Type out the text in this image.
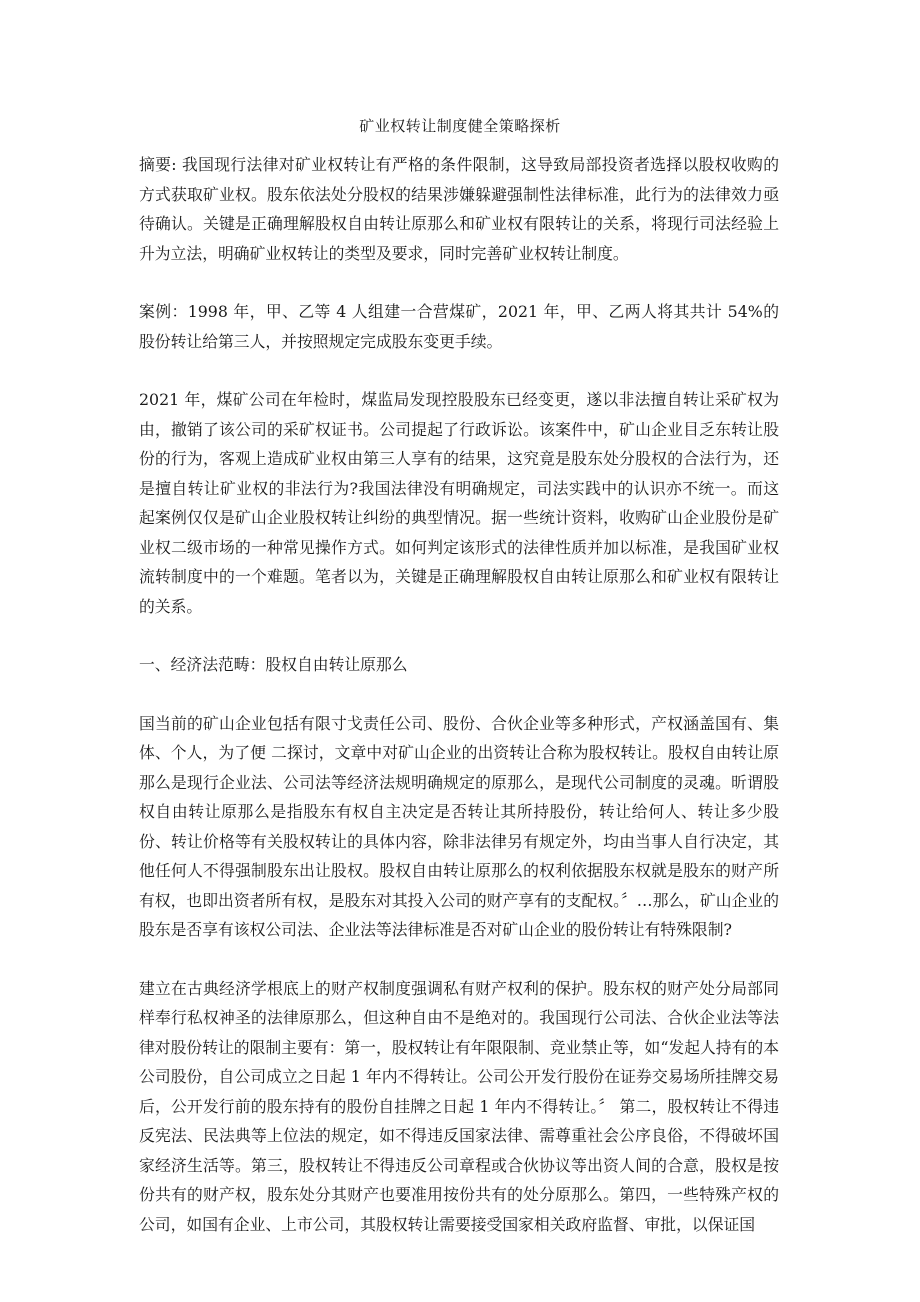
矿业权转让制度健全策略探析

摘要: 我国现行法律对矿业权转让有严格的条件限制，这导致局部投资者选择以股权收购的方式获取矿业权。股东依法处分股权的结果涉嫌躲避强制性法律标准，此行为的法律效力亟待确认。关键是正确理解股权自由转让原那么和矿业权有限转让的关系，将现行司法经验上升为立法，明确矿业权转让的类型及要求，同时完善矿业权转让制度。

案例：1998 年，甲、乙等 4 人组建一合营煤矿，2021 年，甲、乙两人将其共计 54%的股份转让给第三人，并按照规定完成股东变更手续。

2021 年，煤矿公司在年检时，煤监局发现控股股东已经变更，遂以非法擅自转让采矿权为由，撤销了该公司的采矿权证书。公司提起了行政诉讼。该案件中，矿山企业目乏东转让股份的行为，客观上造成矿业权由第三人享有的结果，这究竟是股东处分股权的合法行为，还是擅自转让矿业权的非法行为?我国法律没有明确规定，司法实践中的认识亦不统一。而这起案例仅仅是矿山企业股权转让纠纷的典型情况。据一些统计资料，收购矿山企业股份是矿业权二级市场的一种常见操作方式。如何判定该形式的法律性质并加以标准，是我国矿业权流转制度中的一个难题。笔者以为，关键是正确理解股权自由转让原那么和矿业权有限转让的关系。

一、经济法范畴：股权自由转让原那么

国当前的矿山企业包括有限寸戈责任公司、股份、合伙企业等多种形式，产权涵盖国有、集体、个人，为了便 二探讨，文章中对矿山企业的出资转让合称为股权转让。股权自由转让原那么是现行企业法、公司法等经济法规明确规定的原那么，是现代公司制度的灵魂。昕谓股权自由转让原那么是指股东有权自主决定是否转让其所持股份，转让给何人、转让多少股份、转让价格等有关股权转让的具体内容，除非法律另有规定外，均由当事人自行决定，其他任何人不得强制股东出让股权。股权自由转让原那么的权利依据股东权就是股东的财产所有权，也即出资者所有权，是股东对其投入公司的财产享有的支配权。〞…那么，矿山企业的股东是否享有该权公司法、企业法等法律标准是否对矿山企业的股份转让有特殊限制?

建立在古典经济学根底上的财产权制度强调私有财产权利的保护。股东权的财产处分局部同样奉行私权神圣的法律原那么，但这种自由不是绝对的。我国现行公司法、合伙企业法等法律对股份转让的限制主要有：第一，股权转让有年限限制、竞业禁止等，如“发起人持有的本公司股份，自公司成立之日起 1 年内不得转让。公司公开发行股份在证券交易场所挂牌交易后，公开发行前的股东持有的股份自挂牌之日起 1 年内不得转让。〞 第二，股权转让不得违反宪法、民法典等上位法的规定，如不得违反国家法律、需尊重社会公序良俗，不得破坏国家经济生活等。第三，股权转让不得违反公司章程或合伙协议等出资人间的合意，股权是按份共有的财产权，股东处分其财产也要准用按份共有的处分原那么。第四，一些特殊产权的公司，如国有企业、上市公司，其股权转让需要接受国家相关政府监督、审批，以保证国
